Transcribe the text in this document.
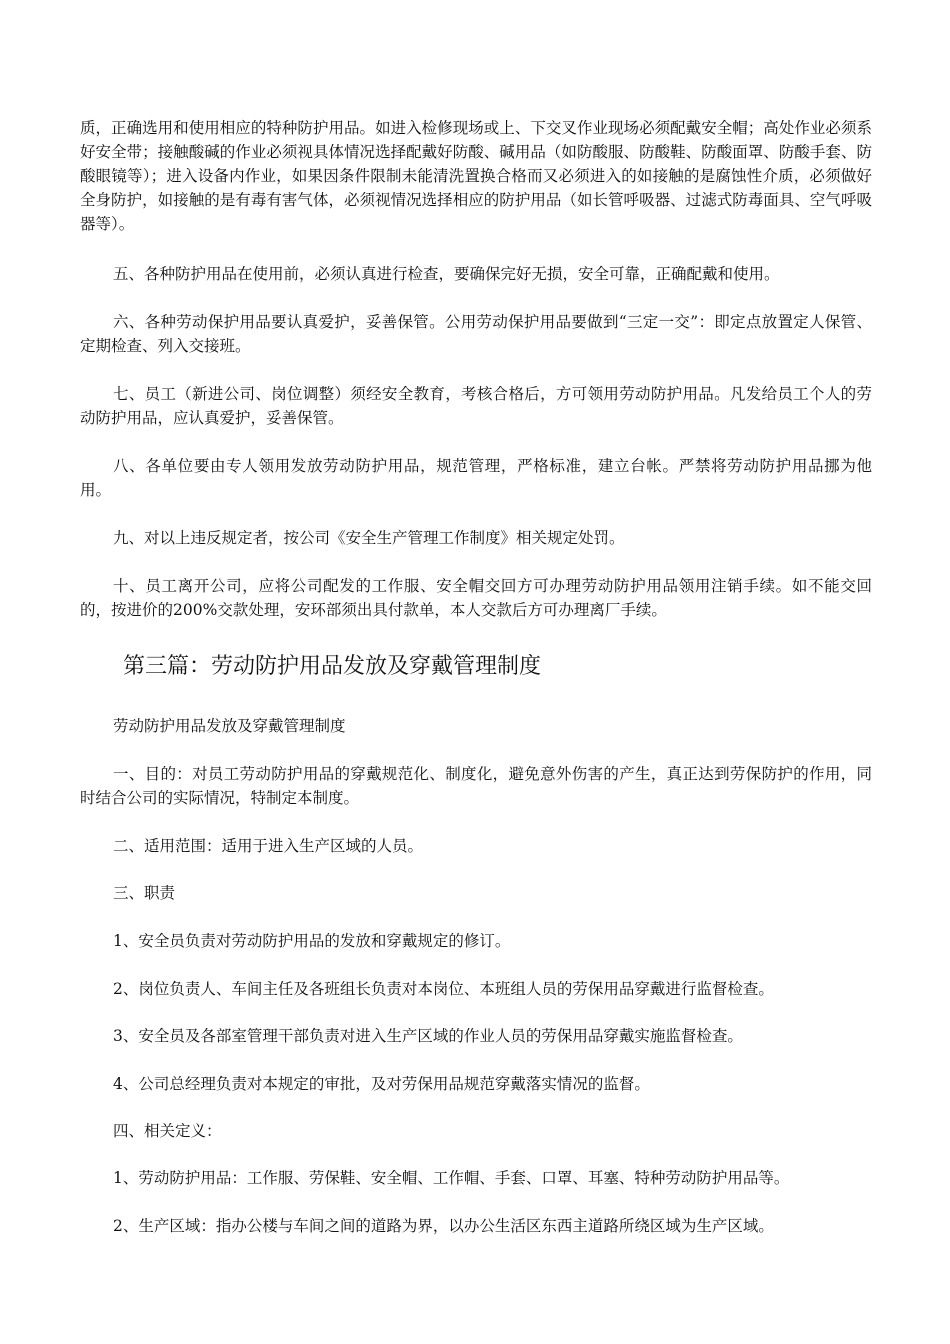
质，正确选用和使用相应的特种防护用品。如进入检修现场或上、下交叉作业现场必须配戴安全帽；高处作业必须系好安全带；接触酸碱的作业必须视具体情况选择配戴好防酸、碱用品（如防酸服、防酸鞋、防酸面罩、防酸手套、防酸眼镜等）；进入设备内作业，如果因条件限制未能清洗置换合格而又必须进入的如接触的是腐蚀性介质，必须做好全身防护，如接触的是有毒有害气体，必须视情况选择相应的防护用品（如长管呼吸器、过滤式防毒面具、空气呼吸器等）。

五、各种防护用品在使用前，必须认真进行检查，要确保完好无损，安全可靠，正确配戴和使用。

六、各种劳动保护用品要认真爱护，妥善保管。公用劳动保护用品要做到“三定一交”：即定点放置定人保管、定期检查、列入交接班。

七、员工（新进公司、岗位调整）须经安全教育，考核合格后，方可领用劳动防护用品。凡发给员工个人的劳动防护用品，应认真爱护，妥善保管。

八、各单位要由专人领用发放劳动防护用品，规范管理，严格标准，建立台帐。严禁将劳动防护用品挪为他用。

九、对以上违反规定者，按公司《安全生产管理工作制度》相关规定处罚。

十、员工离开公司，应将公司配发的工作服、安全帽交回方可办理劳动防护用品领用注销手续。如不能交回的，按进价的200%交款处理，安环部须出具付款单，本人交款后方可办理离厂手续。

第三篇：劳动防护用品发放及穿戴管理制度

劳动防护用品发放及穿戴管理制度

一、目的：对员工劳动防护用品的穿戴规范化、制度化，避免意外伤害的产生，真正达到劳保防护的作用，同时结合公司的实际情况，特制定本制度。

二、适用范围：适用于进入生产区域的人员。

三、职责

1、安全员负责对劳动防护用品的发放和穿戴规定的修订。

2、岗位负责人、车间主任及各班组长负责对本岗位、本班组人员的劳保用品穿戴进行监督检查。

3、安全员及各部室管理干部负责对进入生产区域的作业人员的劳保用品穿戴实施监督检查。

4、公司总经理负责对本规定的审批，及对劳保用品规范穿戴落实情况的监督。

四、相关定义：

1、劳动防护用品：工作服、劳保鞋、安全帽、工作帽、手套、口罩、耳塞、特种劳动防护用品等。

2、生产区域：指办公楼与车间之间的道路为界，以办公生活区东西主道路所绕区域为生产区域。
